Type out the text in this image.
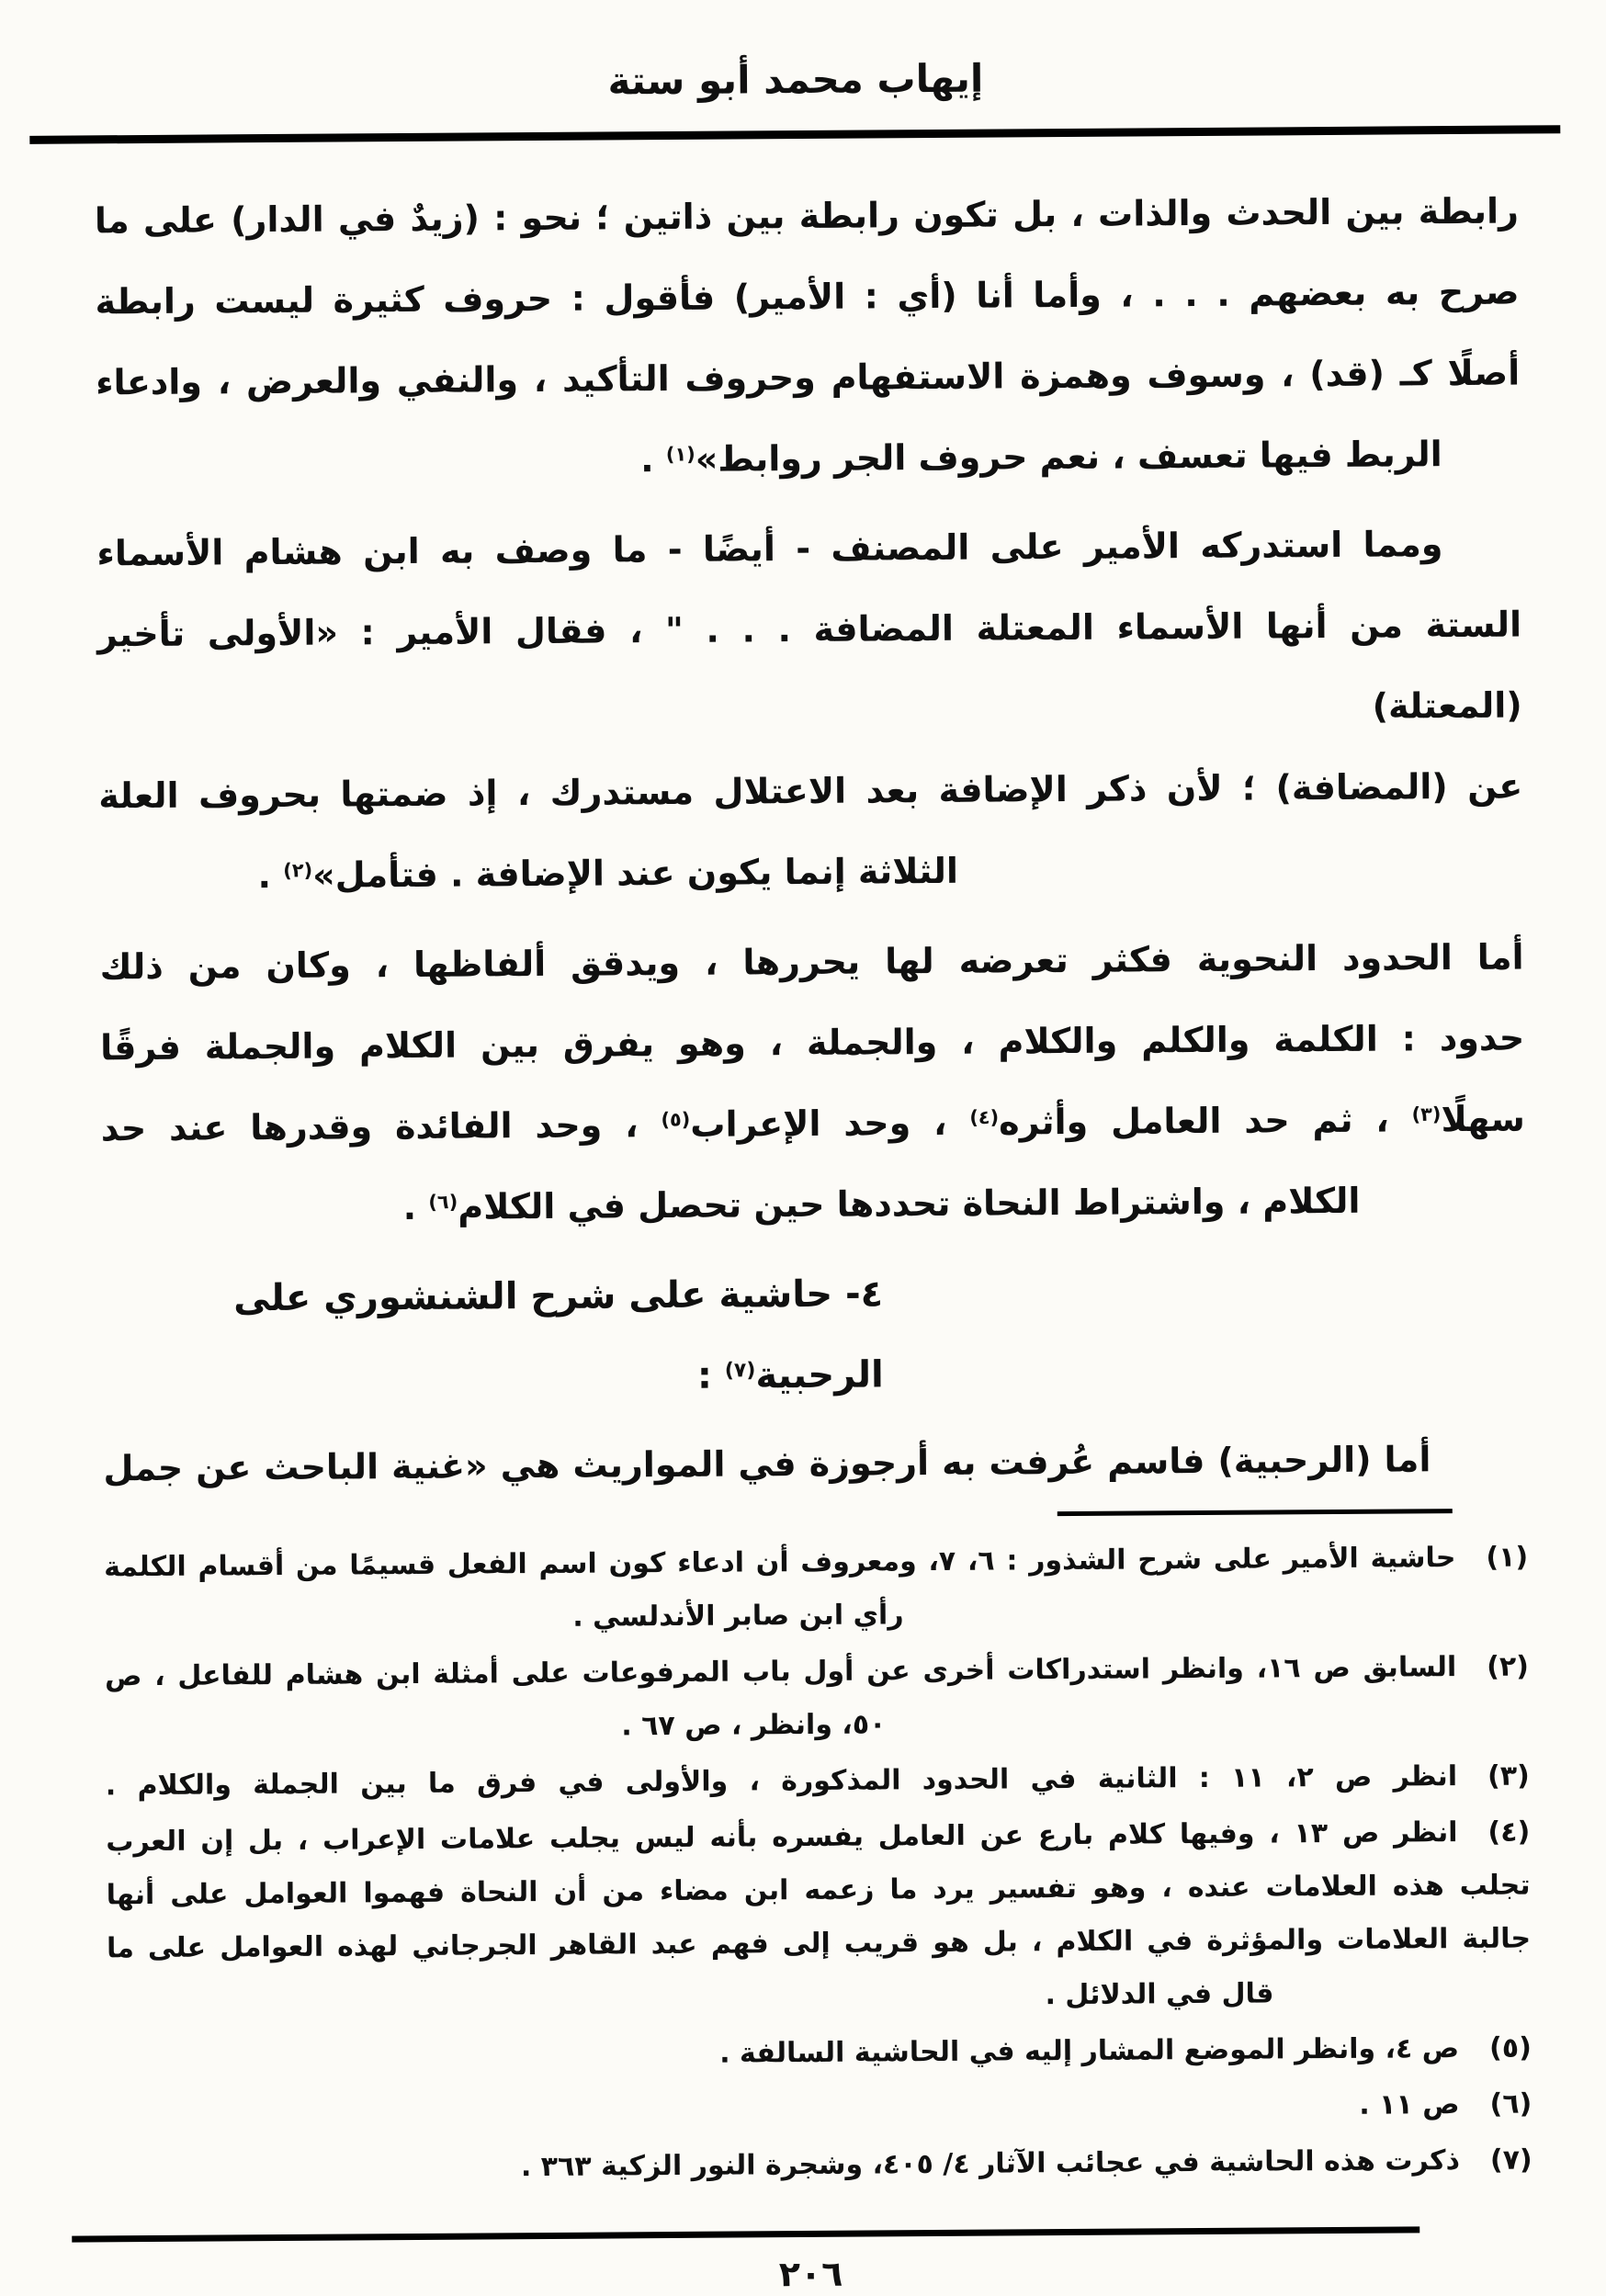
إيهاب محمد أبو ستة
رابطة بين الحدث والذات ، بل تكون رابطة بين ذاتين ؛ نحو : (زيدٌ في الدار) على ما
صرح به بعضهم . . . ، وأما أنا (أي : الأمير) فأقول : حروف كثيرة ليست رابطة
أصلًا كـ (قد) ، وسوف وهمزة الاستفهام وحروف التأكيد ، والنفي والعرض ، وادعاء
الربط فيها تعسف ، نعم حروف الجر روابط»$^{(١)}$ .
ومما استدركه الأمير على المصنف - أيضًا - ما وصف به ابن هشام الأسماء
الستة من أنها الأسماء المعتلة المضافة . . . " ، فقال الأمير : «الأولى تأخير (المعتلة)
عن (المضافة) ؛ لأن ذكر الإضافة بعد الاعتلال مستدرك ، إذ ضمتها بحروف العلة
الثلاثة إنما يكون عند الإضافة . فتأمل»$^{(٢)}$ .
أما الحدود النحوية فكثر تعرضه لها يحررها ، ويدقق ألفاظها ، وكان من ذلك
حدود : الكلمة والكلم والكلام ، والجملة ، وهو يفرق بين الكلام والجملة فرقًا
سهلًا$^{(٣)}$ ، ثم حد العامل وأثره$^{(٤)}$ ، وحد الإعراب$^{(٥)}$ ، وحد الفائدة وقدرها عند حد
الكلام ، واشتراط النحاة تحددها حين تحصل في الكلام$^{(٦)}$ .
٤- حاشية على شرح الشنشوري على الرحبية$^{(٧)}$ :
أما (الرحبية) فاسم عُرفت به أرجوزة في المواريث هي «غنية الباحث عن جمل
(١)حاشية الأمير على شرح الشذور : ٦، ٧، ومعروف أن ادعاء كون اسم الفعل قسيمًا من أقسام الكلمة
رأي ابن صابر الأندلسي .
(٢)السابق ص ١٦، وانظر استدراكات أخرى عن أول باب المرفوعات على أمثلة ابن هشام للفاعل ، ص
٥٠، وانظر ، ص ٦٧ .
(٣)انظر ص ٢، ١١ : الثانية في الحدود المذكورة ، والأولى في فرق ما بين الجملة والكلام .
(٤)انظر ص ١٣ ، وفيها كلام بارع عن العامل يفسره بأنه ليس يجلب علامات الإعراب ، بل إن العرب
تجلب هذه العلامات عنده ، وهو تفسير يرد ما زعمه ابن مضاء من أن النحاة فهموا العوامل على أنها
جالبة العلامات والمؤثرة في الكلام ، بل هو قريب إلى فهم عبد القاهر الجرجاني لهذه العوامل على ما
قال في الدلائل .
(٥)ص ٤، وانظر الموضع المشار إليه في الحاشية السالفة .
(٦)ص ١١ .
(٧)ذكرت هذه الحاشية في عجائب الآثار ٤/ ٤٠٥، وشجرة النور الزكية ٣٦٣ .
٢٠٦
